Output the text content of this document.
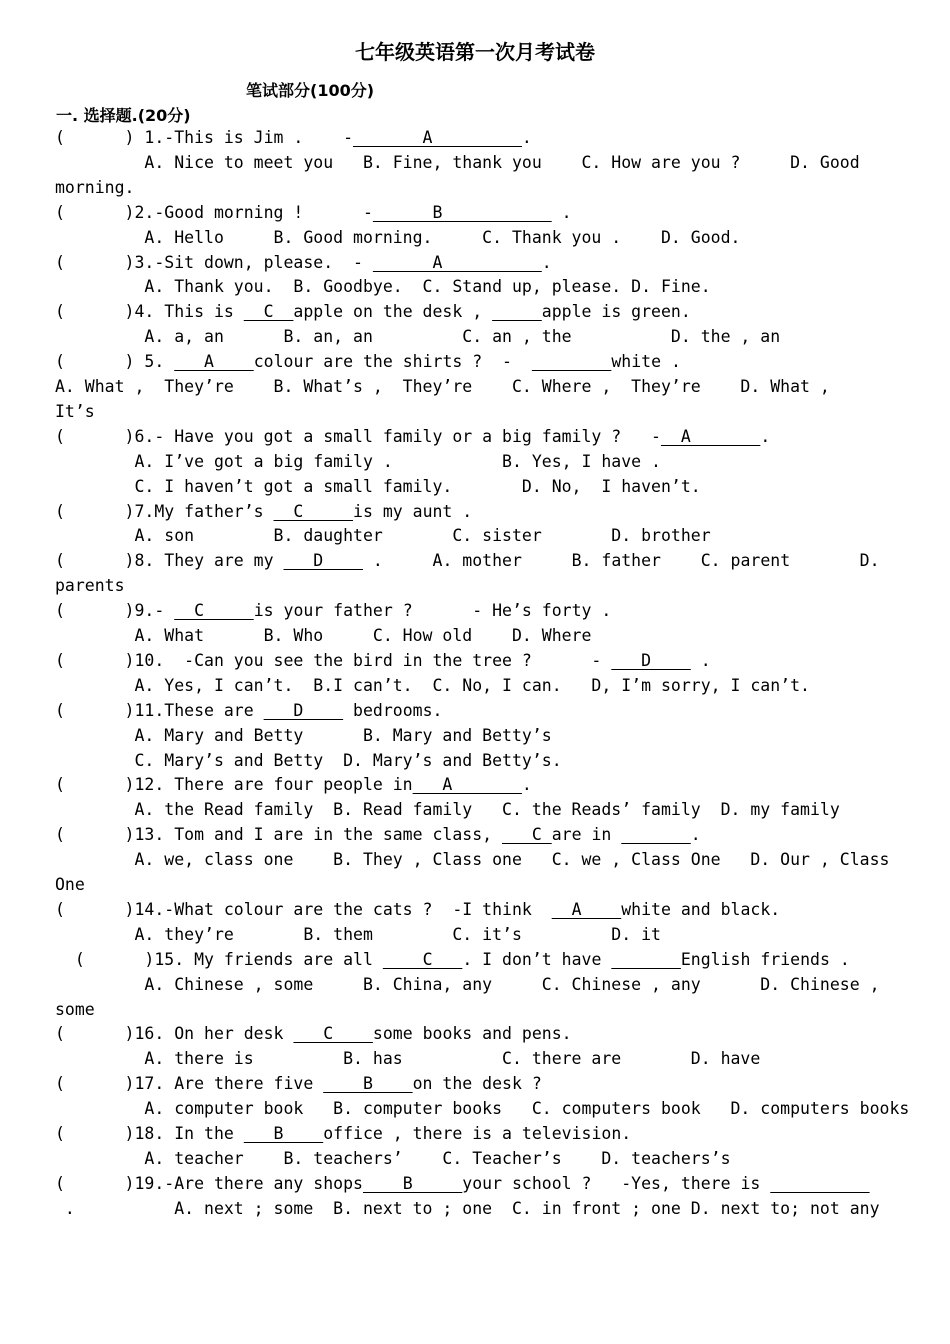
七年级英语第一次月考试卷
笔试部分(100分)
一. 选择题.(20分)
(      ) 1.-This is Jim .    -       A         .
A. Nice to meet you   B. Fine, thank you    C. How are you ?     D. Good
morning.
(      )2.-Good morning !      -      B            .
A. Hello     B. Good morning.     C. Thank you .    D. Good.
(      )3.-Sit down, please.  -       A          .
A. Thank you.  B. Goodbye.  C. Stand up, please. D. Fine.
(      )4. This is   C  apple on the desk ,	apple is green.
A. a, an      B. an, an         C. an , the          D. the , an
(      ) 5.    A    colour are the shirts ?  -	white .
A. What ,  They’re    B. What’s ,  They’re    C. Where ,  They’re    D. What ,
It’s
(      )6.- Have you got a small family or a big family ?   -  A       .
A. I’ve got a big family .           B. Yes, I have .
C. I haven’t got a small family.       D. No,  I haven’t.
(      )7.My father’s   C     is my aunt .
A. son        B. daughter       C. sister       D. brother
(      )8. They are my    D     .     A. mother     B. father    C. parent       D.
parents
(      )9.-   C     is your father ?      - He’s forty .
A. What      B. Who     C. How old    D. Where
(      )10.  -Can you see the bird in the tree ?      -    D     .
A. Yes, I can’t.  B.I can’t.  C. No, I can.   D, I’m sorry, I can’t.
(      )11.These are    D     bedrooms.
A. Mary and Betty      B. Mary and Betty’s
C. Mary’s and Betty  D. Mary’s and Betty’s.
(      )12. There are four people in   A       .
A. the Read family  B. Read family   C. the Reads’ family  D. my family
(      )13. Tom and I are in the same class,    C are in	.
A. we, class one    B. They , Class one   C. we , Class One   D. Our , Class
One
(      )14.-What colour are the cats ?  -I think    A    white and black.
A. they’re       B. them        C. it’s         D. it
(      )15. My friends are all     C   . I don’t have	English friends .
A. Chinese , some     B. China, any     C. Chinese , any      D. Chinese ,
some
(      )16. On her desk    C    some books and pens.
A. there is         B. has          C. there are       D. have
(      )17. Are there five     B    on the desk ?
A. computer book   B. computer books   C. computers book   D. computers books
(      )18. In the    B    office , there is a television.
A. teacher    B. teachers’    C. Teacher’s    D. teachers’s
(      )19.-Are there any shops    B     your school ?   -Yes, there is
.          A. next ; some  B. next to ; one  C. in front ; one D. next to; not any
